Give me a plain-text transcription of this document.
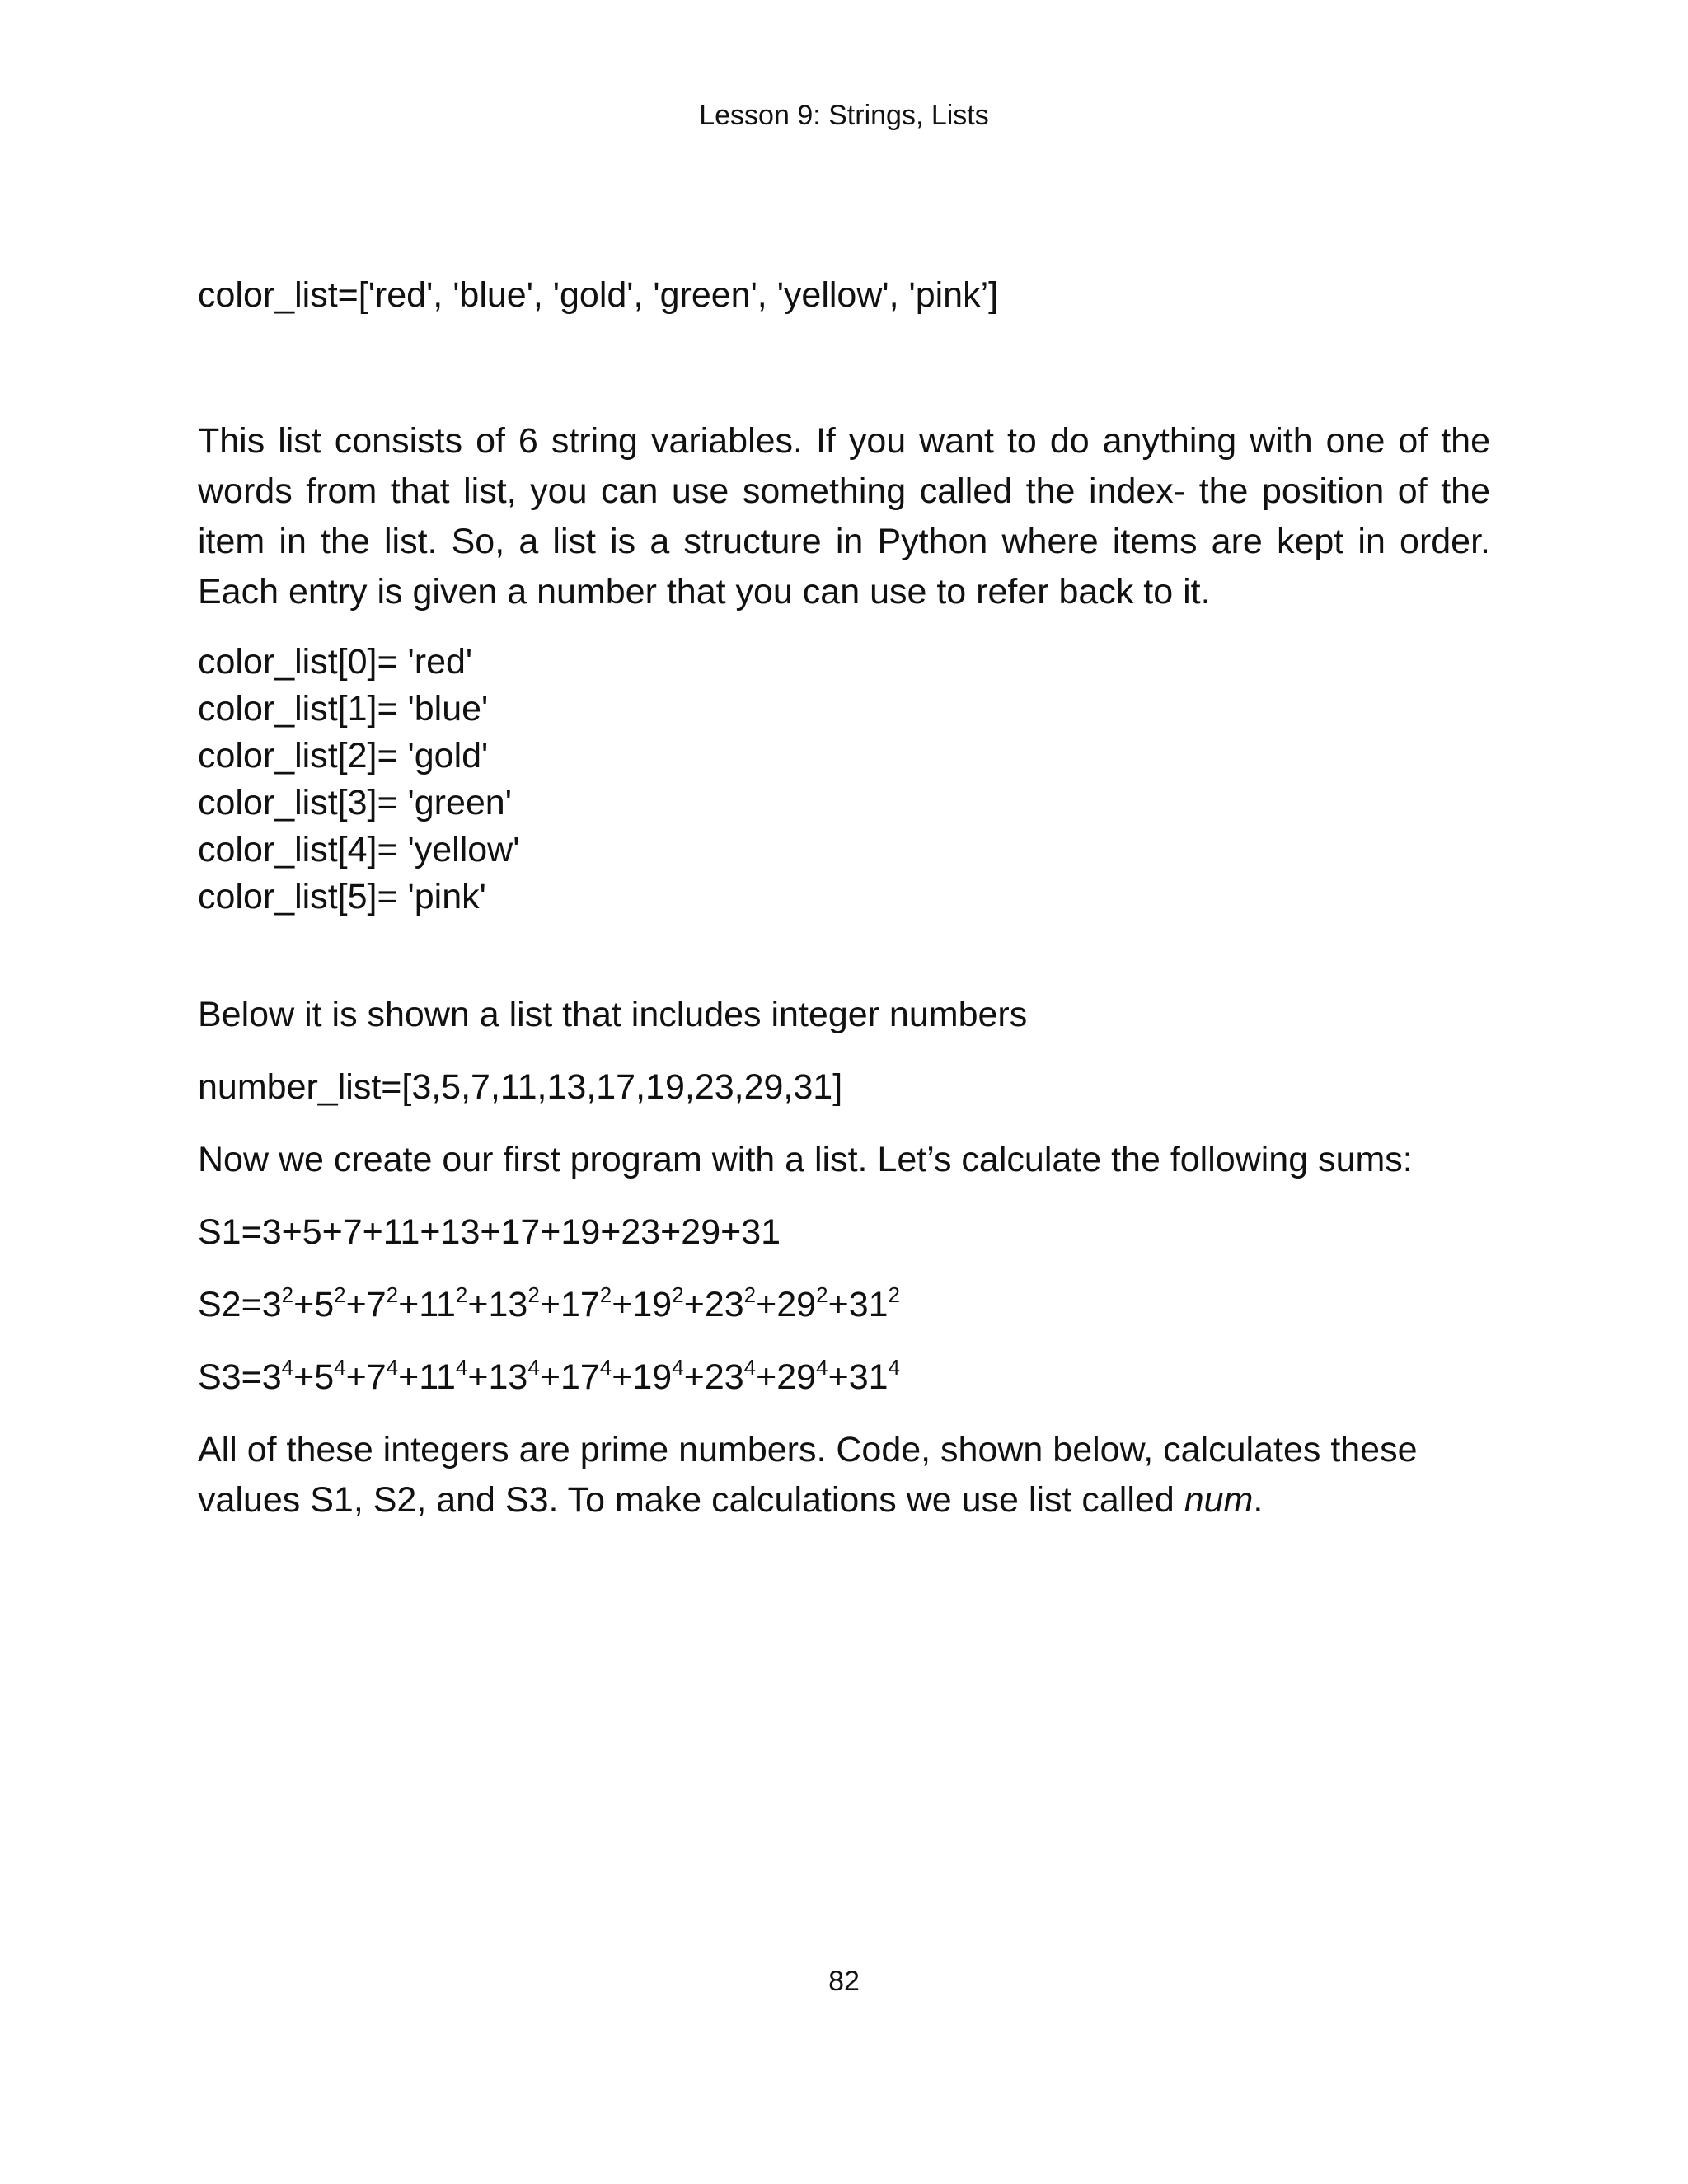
Lesson 9: Strings, Lists

color_list=['red', 'blue', 'gold', 'green', 'yellow', 'pink’]

This list consists of 6 string variables. If you want to do anything with one of the words from that list, you can use something called the index- the position of the item in the list. So, a list is a structure in Python where items are kept in order. Each entry is given a number that you can use to refer back to it.

color_list[0]= 'red'

color_list[1]= 'blue'

color_list[2]= 'gold'

color_list[3]= 'green'

color_list[4]= 'yellow'

color_list[5]= 'pink'

Below it is shown a list that includes integer numbers

number_list=[3,5,7,11,13,17,19,23,29,31]

Now we create our first program with a list. Let’s calculate the following sums:

S1=3+5+7+11+13+17+19+23+29+31

$S2=3^2+5^2+7^2+11^2+13^2+17^2+19^2+23^2+29^2+31^2$

$S3=3^4+5^4+7^4+11^4+13^4+17^4+19^4+23^4+29^4+31^4$

All of these integers are prime numbers. Code, shown below, calculates these values S1, S2, and S3. To make calculations we use list called num.

82
